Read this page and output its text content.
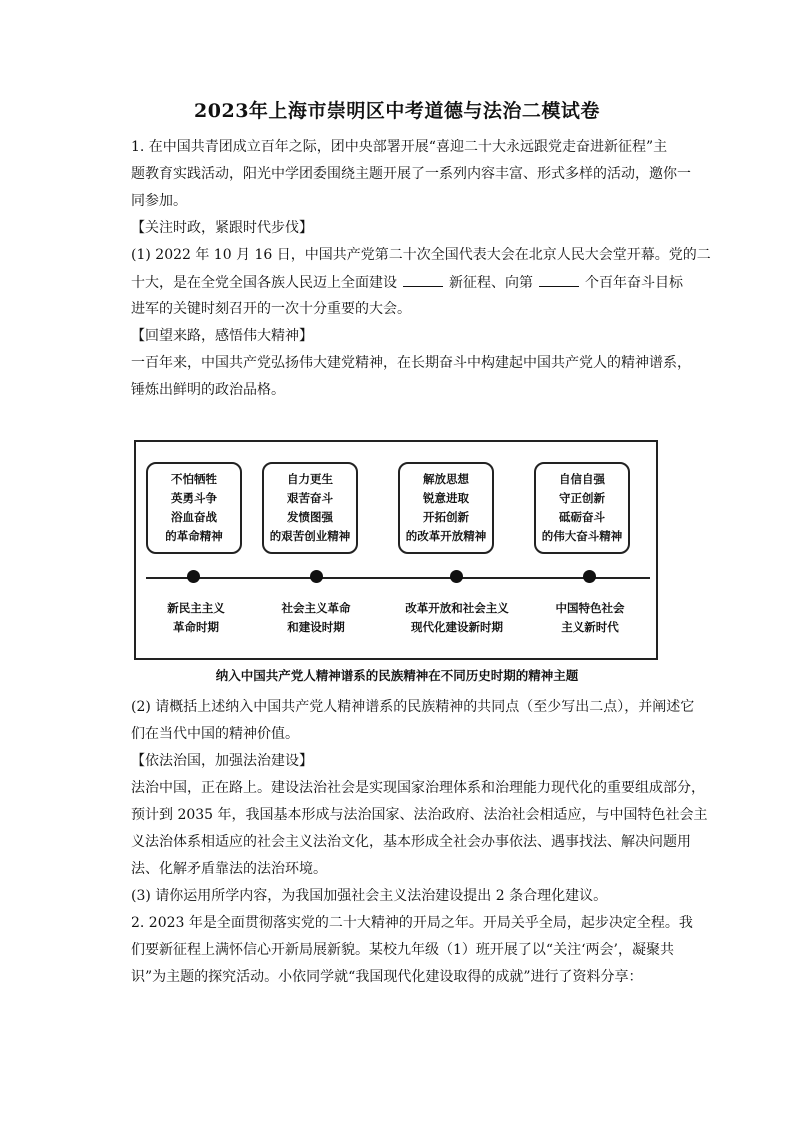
2023年上海市崇明区中考道德与法治二模试卷
1. 在中国共青团成立百年之际，团中央部署开展“喜迎二十大永远跟党走奋进新征程”主
题教育实践活动，阳光中学团委围绕主题开展了一系列内容丰富、形式多样的活动，邀你一
同参加。
【关注时政，紧跟时代步伐】
(1) 2022 年 10 月 16 日，中国共产党第二十次全国代表大会在北京人民大会堂开幕。党的二
十大，是在全党全国各族人民迈上全面建设	新征程、向第	个百年奋斗目标
进军的关键时刻召开的一次十分重要的大会。
【回望来路，感悟伟大精神】
一百年来，中国共产党弘扬伟大建党精神，在长期奋斗中构建起中国共产党人的精神谱系，
锤炼出鲜明的政治品格。
不怕牺牲
英勇斗争
浴血奋战
的革命精神
自力更生
艰苦奋斗
发愤图强
的艰苦创业精神
解放思想
锐意进取
开拓创新
的改革开放精神
自信自强
守正创新
砥砺奋斗
的伟大奋斗精神
新民主主义
革命时期
社会主义革命
和建设时期
改革开放和社会主义
现代化建设新时期
中国特色社会
主义新时代
纳入中国共产党人精神谱系的民族精神在不同历史时期的精神主题
(2) 请概括上述纳入中国共产党人精神谱系的民族精神的共同点（至少写出二点），并阐述它
们在当代中国的精神价值。
【依法治国，加强法治建设】
法治中国，正在路上。建设法治社会是实现国家治理体系和治理能力现代化的重要组成部分，
预计到 2035 年，我国基本形成与法治国家、法治政府、法治社会相适应，与中国特色社会主
义法治体系相适应的社会主义法治文化，基本形成全社会办事依法、遇事找法、解决问题用
法、化解矛盾靠法的法治环境。
(3) 请你运用所学内容，为我国加强社会主义法治建设提出 2 条合理化建议。
2. 2023 年是全面贯彻落实党的二十大精神的开局之年。开局关乎全局，起步决定全程。我
们要新征程上满怀信心开新局展新貌。某校九年级（1）班开展了以“关注‘两会’，凝聚共
识”为主题的探究活动。小依同学就“我国现代化建设取得的成就”进行了资料分享：
